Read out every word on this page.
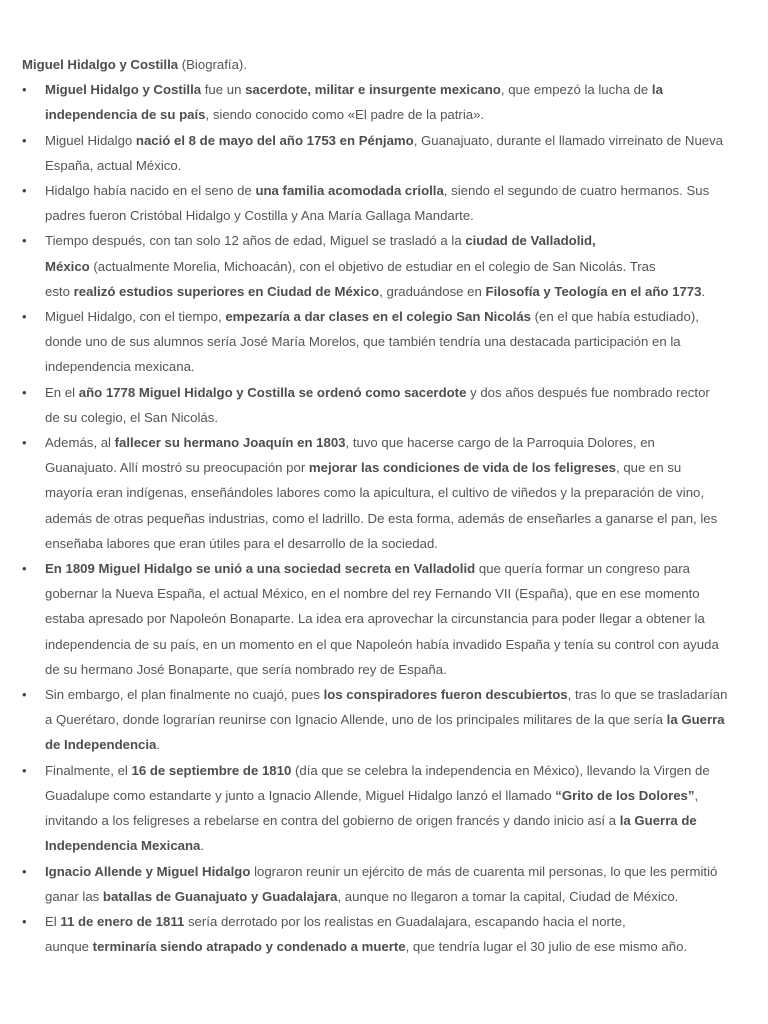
Miguel Hidalgo y Costilla (Biografía).

• Miguel Hidalgo y Costilla fue un sacerdote, militar e insurgente mexicano, que empezó la lucha de la independencia de su país, siendo conocido como «El padre de la patria».
• Miguel Hidalgo nació el 8 de mayo del año 1753 en Pénjamo, Guanajuato, durante el llamado virreinato de Nueva España, actual México.
• Hidalgo había nacido en el seno de una familia acomodada criolla, siendo el segundo de cuatro hermanos. Sus padres fueron Cristóbal Hidalgo y Costilla y Ana María Gallaga Mandarte.
• Tiempo después, con tan solo 12 años de edad, Miguel se trasladó a la ciudad de Valladolid,
México (actualmente Morelia, Michoacán), con el objetivo de estudiar en el colegio de San Nicolás. Tras
esto realizó estudios superiores en Ciudad de México, graduándose en Filosofía y Teología en el año 1773.
• Miguel Hidalgo, con el tiempo, empezaría a dar clases en el colegio San Nicolás (en el que había estudiado), donde uno de sus alumnos sería José María Morelos, que también tendría una destacada participación en la independencia mexicana.
• En el año 1778 Miguel Hidalgo y Costilla se ordenó como sacerdote y dos años después fue nombrado rector de su colegio, el San Nicolás.
• Además, al fallecer su hermano Joaquín en 1803, tuvo que hacerse cargo de la Parroquia Dolores, en Guanajuato. Allí mostró su preocupación por mejorar las condiciones de vida de los feligreses, que en su mayoría eran indígenas, enseñándoles labores como la apicultura, el cultivo de viñedos y la preparación de vino, además de otras pequeñas industrias, como el ladrillo. De esta forma, además de enseñarles a ganarse el pan, les enseñaba labores que eran útiles para el desarrollo de la sociedad.
• En 1809 Miguel Hidalgo se unió a una sociedad secreta en Valladolid que quería formar un congreso para gobernar la Nueva España, el actual México, en el nombre del rey Fernando VII (España), que en ese momento estaba apresado por Napoleón Bonaparte. La idea era aprovechar la circunstancia para poder llegar a obtener la independencia de su país, en un momento en el que Napoleón había invadido España y tenía su control con ayuda de su hermano José Bonaparte, que sería nombrado rey de España.
• Sin embargo, el plan finalmente no cuajó, pues los conspiradores fueron descubiertos, tras lo que se trasladarían a Querétaro, donde lograrían reunirse con Ignacio Allende, uno de los principales militares de la que sería la Guerra de Independencia.
• Finalmente, el 16 de septiembre de 1810 (día que se celebra la independencia en México), llevando la Virgen de Guadalupe como estandarte y junto a Ignacio Allende, Miguel Hidalgo lanzó el llamado “Grito de los Dolores”, invitando a los feligreses a rebelarse en contra del gobierno de origen francés y dando inicio así a la Guerra de Independencia Mexicana.
• Ignacio Allende y Miguel Hidalgo lograron reunir un ejército de más de cuarenta mil personas, lo que les permitió ganar las batallas de Guanajuato y Guadalajara, aunque no llegaron a tomar la capital, Ciudad de México.
• El 11 de enero de 1811 sería derrotado por los realistas en Guadalajara, escapando hacia el norte,
aunque terminaría siendo atrapado y condenado a muerte, que tendría lugar el 30 julio de ese mismo año.
